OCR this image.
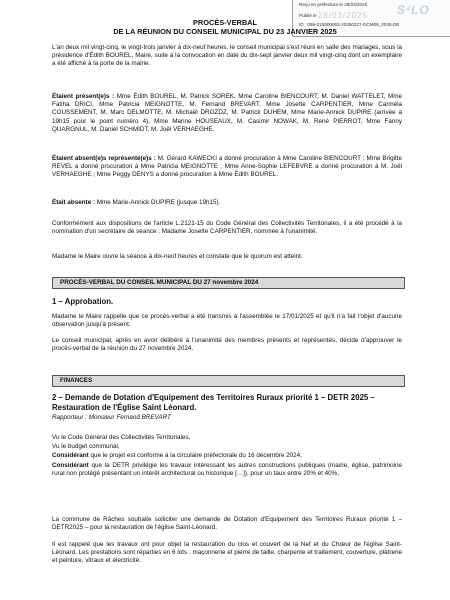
Reçu en préfecture le 28/03/2025
Publié le 28/03/2025
ID : 059-215900863-20250327-DCM08_2025-DE
S²LO
PROCÈS-VERBAL
DE LA RÉUNION DU CONSEIL MUNICIPAL DU 23 JANVIER 2025

L'an deux mil vingt-cinq, le vingt-trois janvier à dix-neuf heures, le conseil municipal s'est réuni en salle des mariages, sous la présidence d'Édith BOUREL, Maire, suite à la convocation en date du dix-sept janvier deux mil vingt-cinq dont un exemplaire a été affiché à la porte de la mairie.

Étaient présent(e)s : Mme Édith BOUREL, M. Patrick SOREK, Mme Caroline BIENCOURT, M. Daniel WATTELET, Mme Fatiha DRICI, Mme Patricia MEIGNOTTE, M. Fernand BREVART, Mme Josette CARPENTIER, Mme Carméla COUSSEMENT, M. Marc DELMOTTE, M. Michaël DROZDZ, M. Patrick DUHEM, Mme Marie-Annick DUPIRE (arrivée à 19h15 pour le point numéro 4), Mme Marine HOUSEAUX, M. Casimir NOWAK, M. René PIERROT, Mme Fanny QUARGNUL, M. Daniel SCHMIDT, M. Joël VERHAEGHE.

Étaient absent(e)s représenté(e)s : M. Gérard KAWECKI a donné procuration à Mme Caroline BIENCOURT ; Mme Brigitte REVEL a donné procuration à Mme Patricia MEIGNOTTE ; Mme Anne-Sophie LEFEBVRE a donné procuration à M. Joël VERHAEGHE ; Mme Peggy DENYS a donné procuration à Mme Édith BOUREL.

Était absente : Mme Marie-Annick DUPIRE (jusque 19h15).

Conformément aux dispositions de l'article L.2121-15 du Code Général des Collectivités Territoriales, il a été procédé à la nomination d'un secrétaire de séance : Madame Josette CARPENTIER, nommée à l'unanimité.

Madame le Maire ouvre la séance à dix-neuf heures et constate que le quorum est atteint.

PROCÈS-VERBAL DU CONSEIL MUNICIPAL DU 27 novembre 2024
1 – Approbation.

Madame le Maire rappelle que ce procès-verbal a été transmis à l'assemblée le 17/01/2025 et qu'il n'a fait l'objet d'aucune observation jusqu'à présent.

Le conseil municipal, après en avoir délibéré à l'unanimité des membres présents et représentés, décide d'approuver le procès-verbal de la réunion du 27 novembre 2024.

FINANCES
2 – Demande de Dotation d'Equipement des Territoires Ruraux priorité 1 – DETR 2025 – Restauration de l'Église Saint Léonard.

Rapporteur : Monsieur Fernand BREVART

Vu le Code Général des Collectivités Territoriales,

Vu le budget communal,

Considérant que le projet est conforme à la circulaire préfectorale du 16 décembre 2024,

Considérant que la DETR privilégie les travaux intéressant les autres constructions publiques (mairie, église, patrimoine rural non protégé présentant un intérêt architectural ou historique […]), pour un taux entre 20% et 40%,

La commune de Râches souhaite solliciter une demande de Dotation d'Equipement des Territoires Ruraux priorité 1 – DETR2025 – pour la restauration de l'église Saint-Léonard.

Il est rappelé que les travaux ont pour objet la restauration du clos et couvert de la Nef et du Chœur de l'église Saint-Léonard. Les prestations sont réparties en 6 lots : maçonnerie et pierre de taille, charpente et traitement, couverture, plâtrerie et peinture, vitraux et électricité.
